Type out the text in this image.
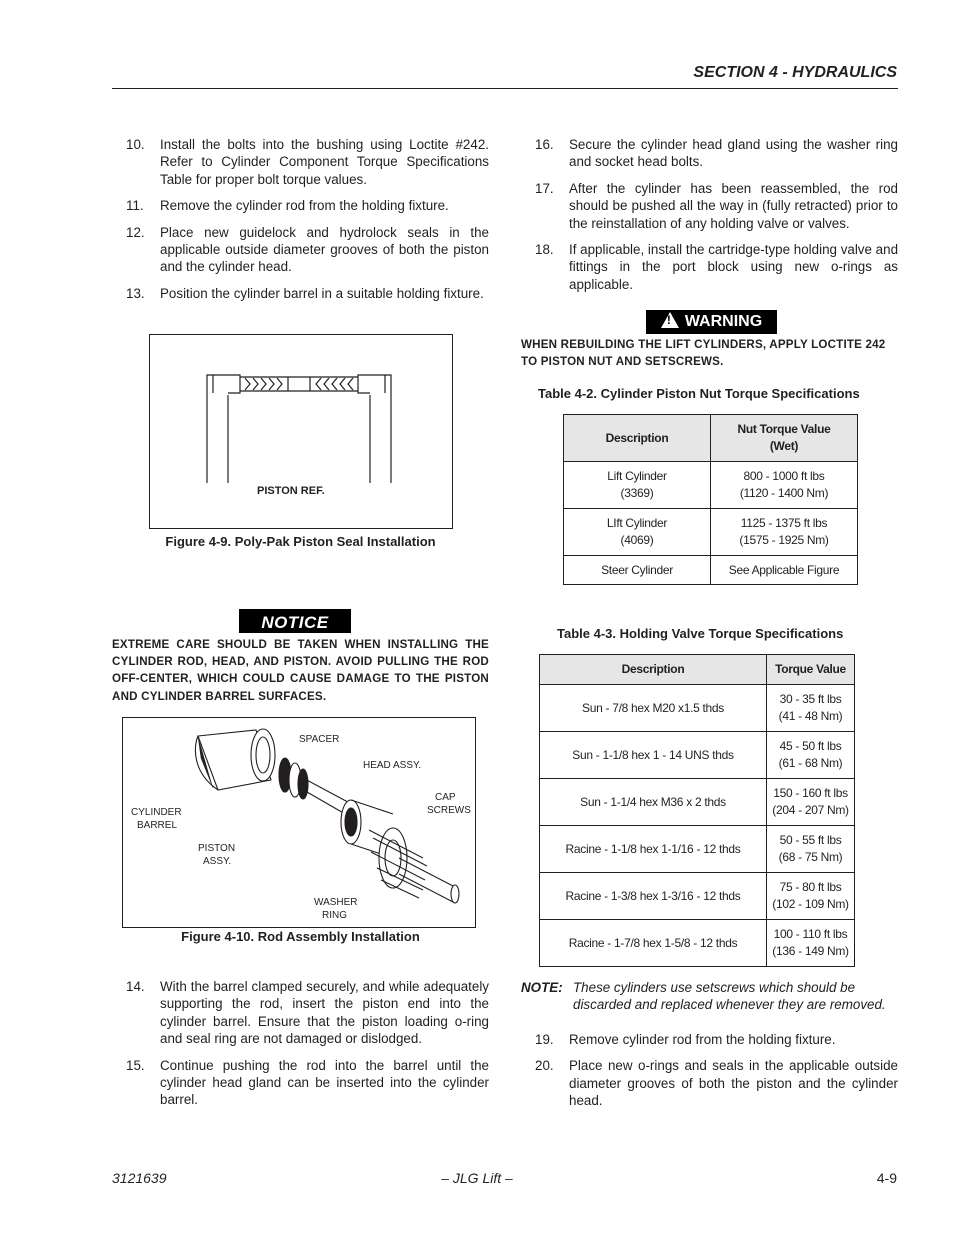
SECTION 4 - HYDRAULICS
10.	Install the bolts into the bushing using Loctite #242. Refer to Cylinder Component Torque Specifications Table for proper bolt torque values.
11.	Remove the cylinder rod from the holding fixture.
12.	Place new guidelock and hydrolock seals in the applicable outside diameter grooves of both the piston and the cylinder head.
13.	Position the cylinder barrel in a suitable holding fixture.
PISTON REF.
Figure 4-9. Poly-Pak Piston Seal Installation
NOTICE
EXTREME CARE SHOULD BE TAKEN WHEN INSTALLING THE CYLINDER ROD, HEAD, AND PISTON. AVOID PULLING THE ROD OFF-CENTER, WHICH COULD CAUSE DAMAGE TO THE PISTON AND CYLINDER BARREL SURFACES.
SPACER
HEAD ASSY.
CAP
SCREWS
CYLINDER
BARREL
PISTON
ASSY.
WASHER
RING
Figure 4-10. Rod Assembly Installation
14.	With the barrel clamped securely, and while adequately supporting the rod, insert the piston end into the cylinder barrel. Ensure that the piston loading o-ring and seal ring are not damaged or dislodged.
15.	Continue pushing the rod into the barrel until the cylinder head gland can be inserted into the cylinder barrel.
16.	Secure the cylinder head gland using the washer ring and socket head bolts.
17.	After the cylinder has been reassembled, the rod should be pushed all the way in (fully retracted) prior to the reinstallation of any holding valve or valves.
18.	If applicable, install the cartridge-type holding valve and fittings in the port block using new o-rings as applicable.
!WARNING
WHEN REBUILDING THE LIFT CYLINDERS, APPLY LOCTITE 242 TO PISTON NUT AND SETSCREWS.
Table 4-2. Cylinder Piston Nut Torque Specifications
Description	Nut Torque Value
(Wet)
Lift Cylinder
(3369)	800 - 1000 ft lbs
(1120 - 1400 Nm)
LIft Cylinder
(4069)	1125 - 1375 ft lbs
(1575 - 1925 Nm)
Steer Cylinder	See Applicable Figure
Table 4-3. Holding Valve Torque Specifications
Description	Torque Value
Sun - 7/8 hex M20 x1.5 thds	30 - 35 ft lbs
(41 - 48 Nm)
Sun - 1-1/8 hex 1 - 14 UNS thds	45 - 50 ft lbs
(61 - 68 Nm)
Sun - 1-1/4 hex M36 x 2 thds	150 - 160 ft lbs
(204 - 207 Nm)
Racine - 1-1/8 hex 1-1/16 - 12 thds	50 - 55 ft lbs
(68 - 75 Nm)
Racine - 1-3/8 hex 1-3/16 - 12 thds	75 - 80 ft lbs
(102 - 109 Nm)
Racine - 1-7/8 hex 1-5/8 - 12 thds	100 - 110 ft lbs
(136 - 149 Nm)
NOTE: These cylinders use setscrews which should be discarded and replaced whenever they are removed.
19.	Remove cylinder rod from the holding fixture.
20.	Place new o-rings and seals in the applicable outside diameter grooves of both the piston and the cylinder head.
3121639	– JLG Lift –	4-9
